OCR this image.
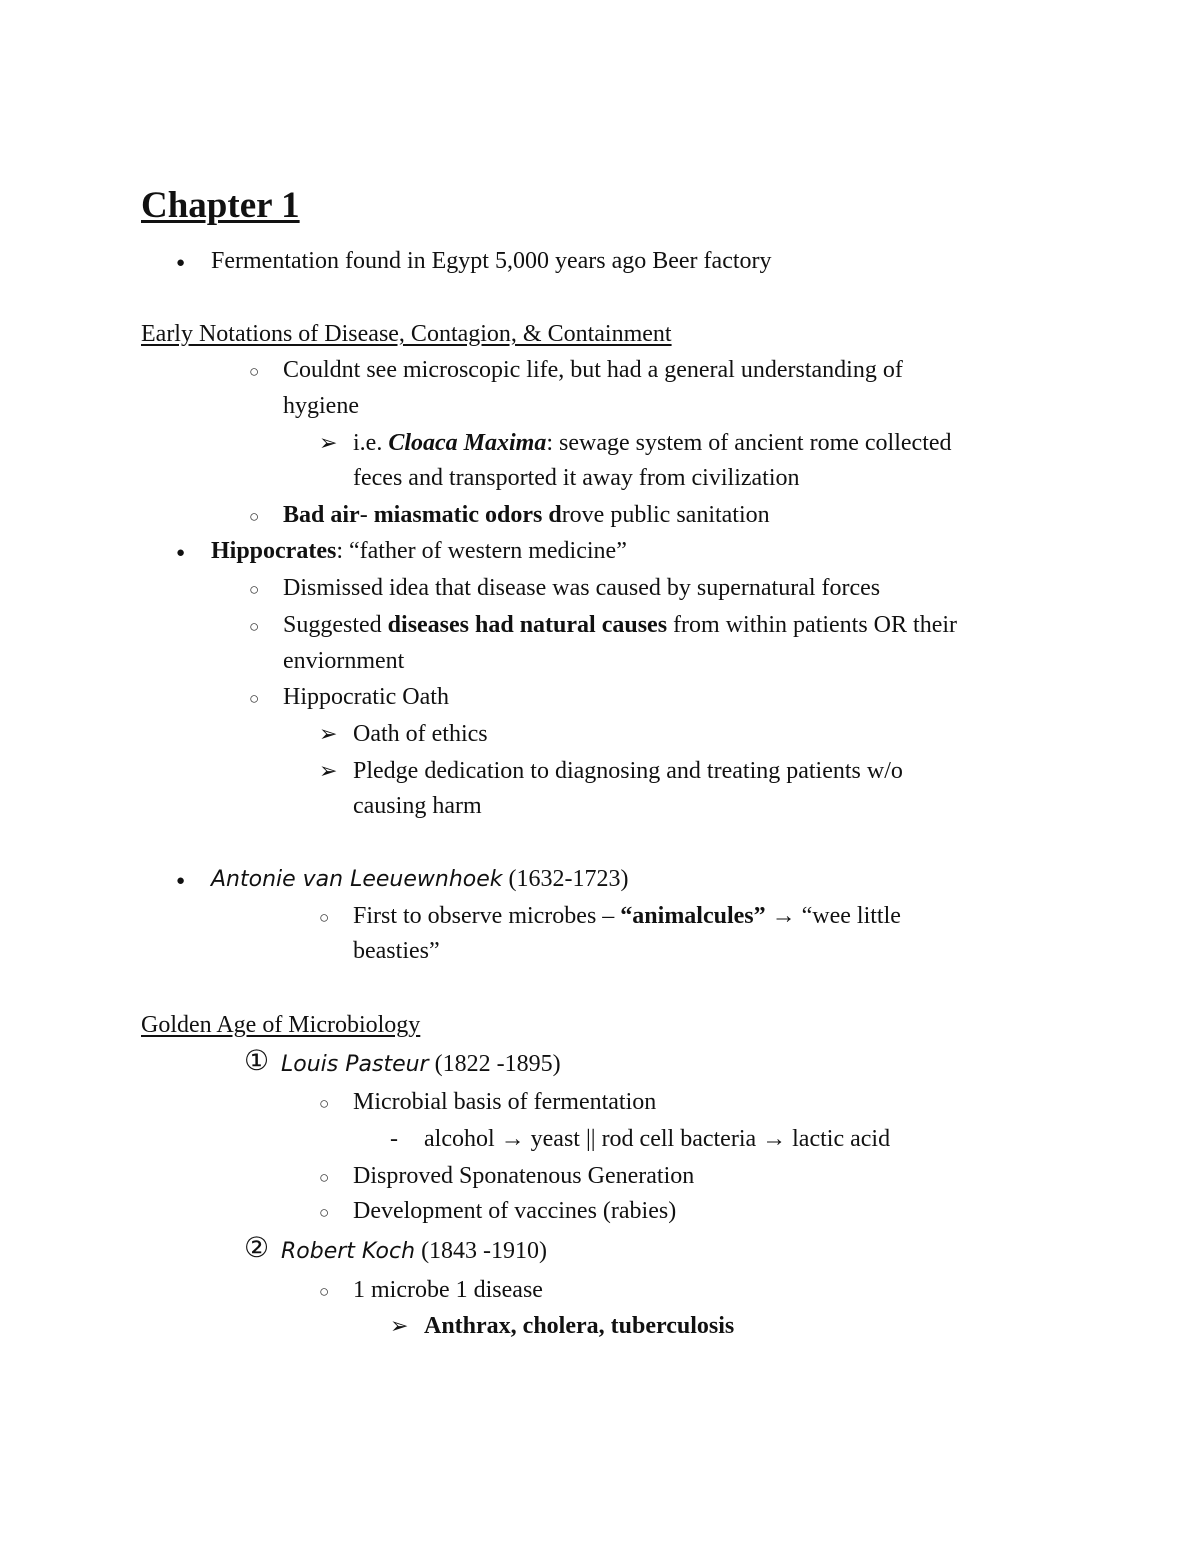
Chapter 1
● Fermentation found in Egypt 5,000 years ago Beer factory
Early Notations of Disease, Contagion, & Containment
○ Couldnt see microscopic life, but had a general understanding of
hygiene
➢ i.e. Cloaca Maxima: sewage system of ancient rome collected
feces and transported it away from civilization
○ Bad air- miasmatic odors drove public sanitation
● Hippocrates: “father of western medicine”
○ Dismissed idea that disease was caused by supernatural forces
○ Suggested diseases had natural causes from within patients OR their
enviornment
○ Hippocratic Oath
➢ Oath of ethics
➢ Pledge dedication to diagnosing and treating patients w/o
causing harm
● Antonie van Leeuewnhoek (1632-1723)
○ First to observe microbes – “animalcules” → “wee little
beasties”
Golden Age of Microbiology
① Louis Pasteur (1822 -1895)
○ Microbial basis of fermentation
- alcohol → yeast || rod cell bacteria → lactic acid
○ Disproved Sponatenous Generation
○ Development of vaccines (rabies)
② Robert Koch (1843 -1910)
○ 1 microbe 1 disease
➢ Anthrax, cholera, tuberculosis
